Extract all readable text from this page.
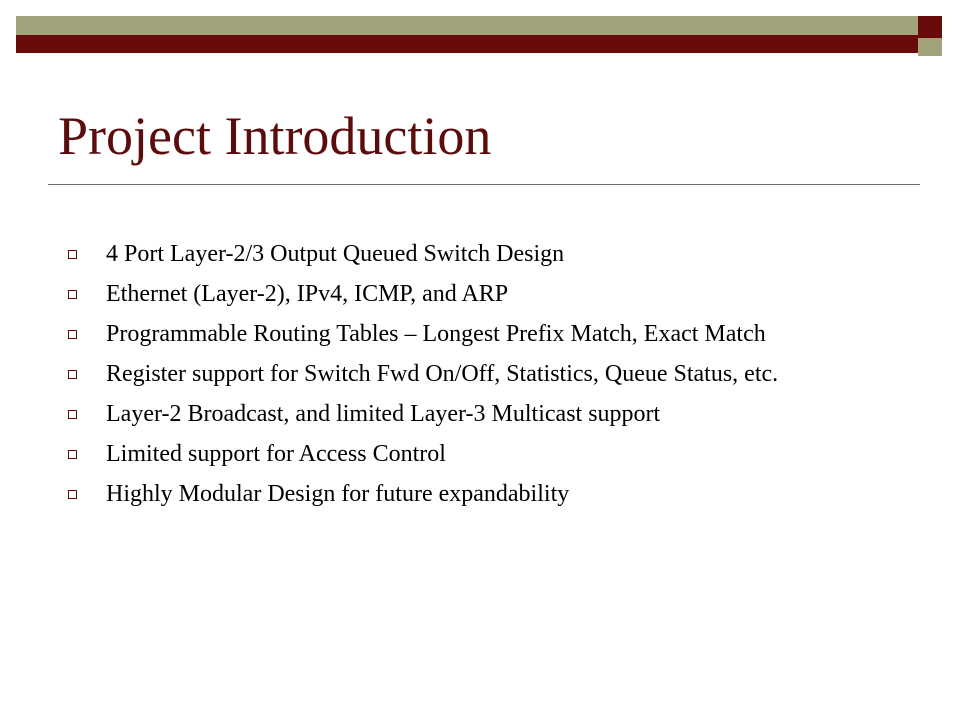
Project Introduction
4 Port Layer-2/3 Output Queued Switch Design
Ethernet (Layer-2), IPv4, ICMP, and ARP
Programmable Routing Tables – Longest Prefix Match, Exact Match
Register support for Switch Fwd On/Off, Statistics, Queue Status, etc.
Layer-2 Broadcast, and limited Layer-3 Multicast support
Limited support for Access Control
Highly Modular Design for future expandability
